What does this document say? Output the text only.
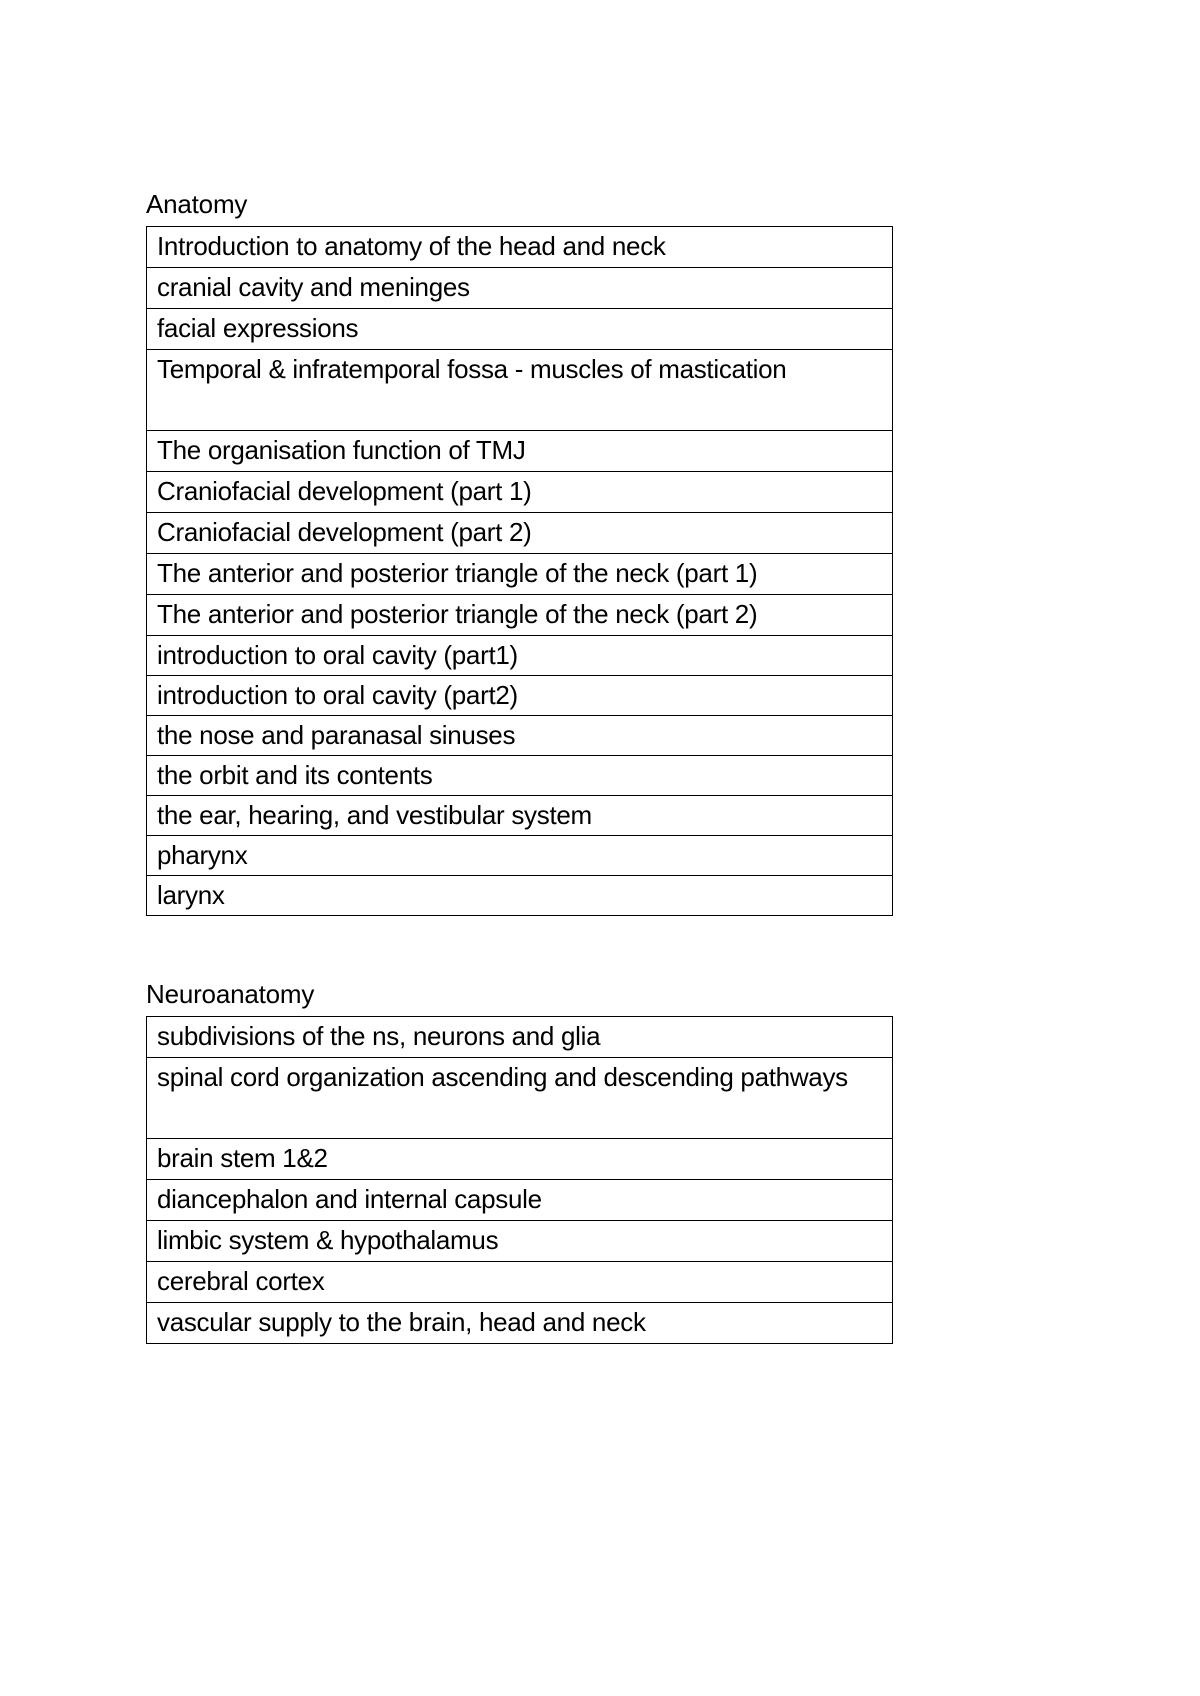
Anatomy

Introduction to anatomy of the head and neck
cranial cavity and meninges
facial expressions
Temporal & infratemporal fossa - muscles of mastication
The organisation function of TMJ
Craniofacial development (part 1)
Craniofacial development (part 2)
The anterior and posterior triangle of the neck (part 1)
The anterior and posterior triangle of the neck (part 2)
introduction to oral cavity (part1)
introduction to oral cavity (part2)
the nose and paranasal sinuses
the orbit and its contents
the ear, hearing, and vestibular system
pharynx
larynx

Neuroanatomy

subdivisions of the ns, neurons and glia
spinal cord organization ascending and descending pathways
brain stem 1&2
diancephalon and internal capsule
limbic system & hypothalamus
cerebral cortex
vascular supply to the brain, head and neck
